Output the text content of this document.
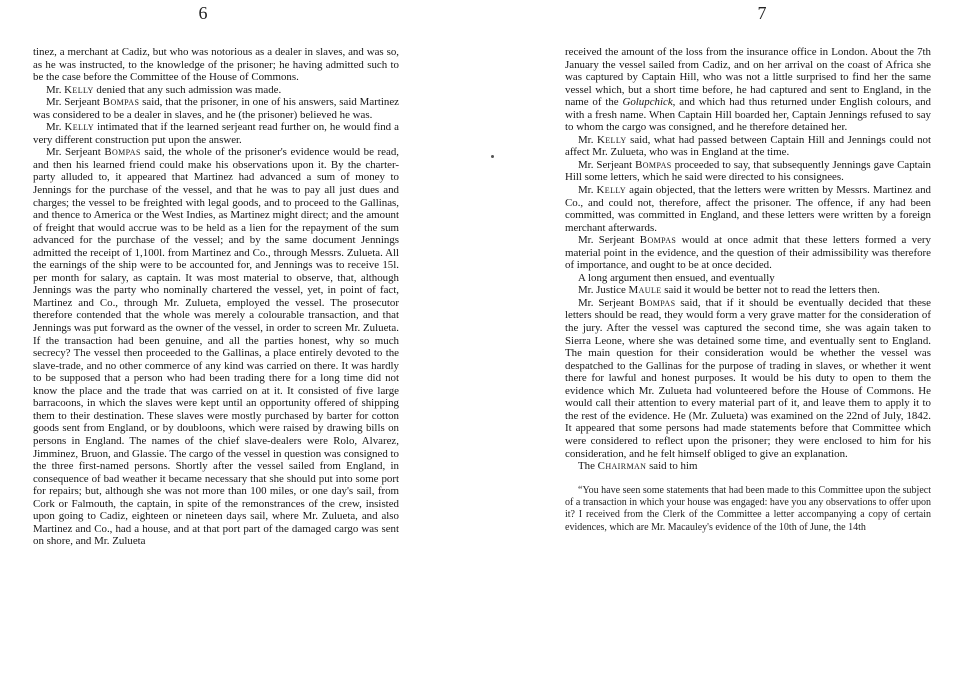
6

tinez, a merchant at Cadiz, but who was notorious as a dealer in slaves, and was so, as he was instructed, to the knowledge of the prisoner; he having admitted such to be the case before the Committee of the House of Commons.

Mr. Kelly denied that any such admission was made.

Mr. Serjeant Bompas said, that the prisoner, in one of his answers, said Martinez was considered to be a dealer in slaves, and he (the prisoner) believed he was.

Mr. Kelly intimated that if the learned serjeant read further on, he would find a very different construction put upon the answer.

Mr. Serjeant Bompas said, the whole of the prisoner's evidence would be read, and then his learned friend could make his observations upon it. By the charter-party alluded to, it appeared that Martinez had advanced a sum of money to Jennings for the purchase of the vessel, and that he was to pay all just dues and charges; the vessel to be freighted with legal goods, and to proceed to the Gallinas, and thence to America or the West Indies, as Martinez might direct; and the amount of freight that would accrue was to be held as a lien for the repayment of the sum advanced for the purchase of the vessel; and by the same document Jennings admitted the receipt of 1,100l. from Martinez and Co., through Messrs. Zulueta. All the earnings of the ship were to be accounted for, and Jennings was to receive 15l. per month for salary, as captain. It was most material to observe, that, although Jennings was the party who nominally chartered the vessel, yet, in point of fact, Martinez and Co., through Mr. Zulueta, employed the vessel. The prosecutor therefore contended that the whole was merely a colourable transaction, and that Jennings was put forward as the owner of the vessel, in order to screen Mr. Zulueta. If the transaction had been genuine, and all the parties honest, why so much secrecy? The vessel then proceeded to the Gallinas, a place entirely devoted to the slave-trade, and no other commerce of any kind was carried on there. It was hardly to be supposed that a person who had been trading there for a long time did not know the place and the trade that was carried on at it. It consisted of five large barracoons, in which the slaves were kept until an opportunity offered of shipping them to their destination. These slaves were mostly purchased by barter for cotton goods sent from England, or by doubloons, which were raised by drawing bills on persons in England. The names of the chief slave-dealers were Rolo, Alvarez, Jimminez, Bruon, and Glassie. The cargo of the vessel in question was consigned to the three first-named persons. Shortly after the vessel sailed from England, in consequence of bad weather it became necessary that she should put into some port for repairs; but, although she was not more than 100 miles, or one day's sail, from Cork or Falmouth, the captain, in spite of the remonstrances of the crew, insisted upon going to Cadiz, eighteen or nineteen days sail, where Mr. Zulueta, and also Martinez and Co., had a house, and at that port part of the damaged cargo was sent on shore, and Mr. Zulueta

7

received the amount of the loss from the insurance office in London. About the 7th January the vessel sailed from Cadiz, and on her arrival on the coast of Africa she was captured by Captain Hill, who was not a little surprised to find her the same vessel which, but a short time before, he had captured and sent to England, in the name of the Golupchick, and which had thus returned under English colours, and with a fresh name. When Captain Hill boarded her, Captain Jennings refused to say to whom the cargo was consigned, and he therefore detained her.

Mr. Kelly said, what had passed between Captain Hill and Jennings could not affect Mr. Zulueta, who was in England at the time.

Mr. Serjeant Bompas proceeded to say, that subsequently Jennings gave Captain Hill some letters, which he said were directed to his consignees.

Mr. Kelly again objected, that the letters were written by Messrs. Martinez and Co., and could not, therefore, affect the prisoner. The offence, if any had been committed, was committed in England, and these letters were written by a foreign merchant afterwards.

Mr. Serjeant Bompas would at once admit that these letters formed a very material point in the evidence, and the question of their admissibility was therefore of importance, and ought to be at once decided.

A long argument then ensued, and eventually

Mr. Justice Maule said it would be better not to read the letters then.

Mr. Serjeant Bompas said, that if it should be eventually decided that these letters should be read, they would form a very grave matter for the consideration of the jury. After the vessel was captured the second time, she was again taken to Sierra Leone, where she was detained some time, and eventually sent to England. The main question for their consideration would be whether the vessel was despatched to the Gallinas for the purpose of trading in slaves, or whether it went there for lawful and honest purposes. It would be his duty to open to them the evidence which Mr. Zulueta had volunteered before the House of Commons. He would call their attention to every material part of it, and leave them to apply it to the rest of the evidence. He (Mr. Zulueta) was examined on the 22nd of July, 1842. It appeared that some persons had made statements before that Committee which were considered to reflect upon the prisoner; they were enclosed to him for his consideration, and he felt himself obliged to give an explanation.

The Chairman said to him

“You have seen some statements that had been made to this Committee upon the subject of a transaction in which your house was engaged: have you any observations to offer upon it? I received from the Clerk of the Committee a letter accompanying a copy of certain evidences, which are Mr. Macauley's evidence of the 10th of June, the 14th
